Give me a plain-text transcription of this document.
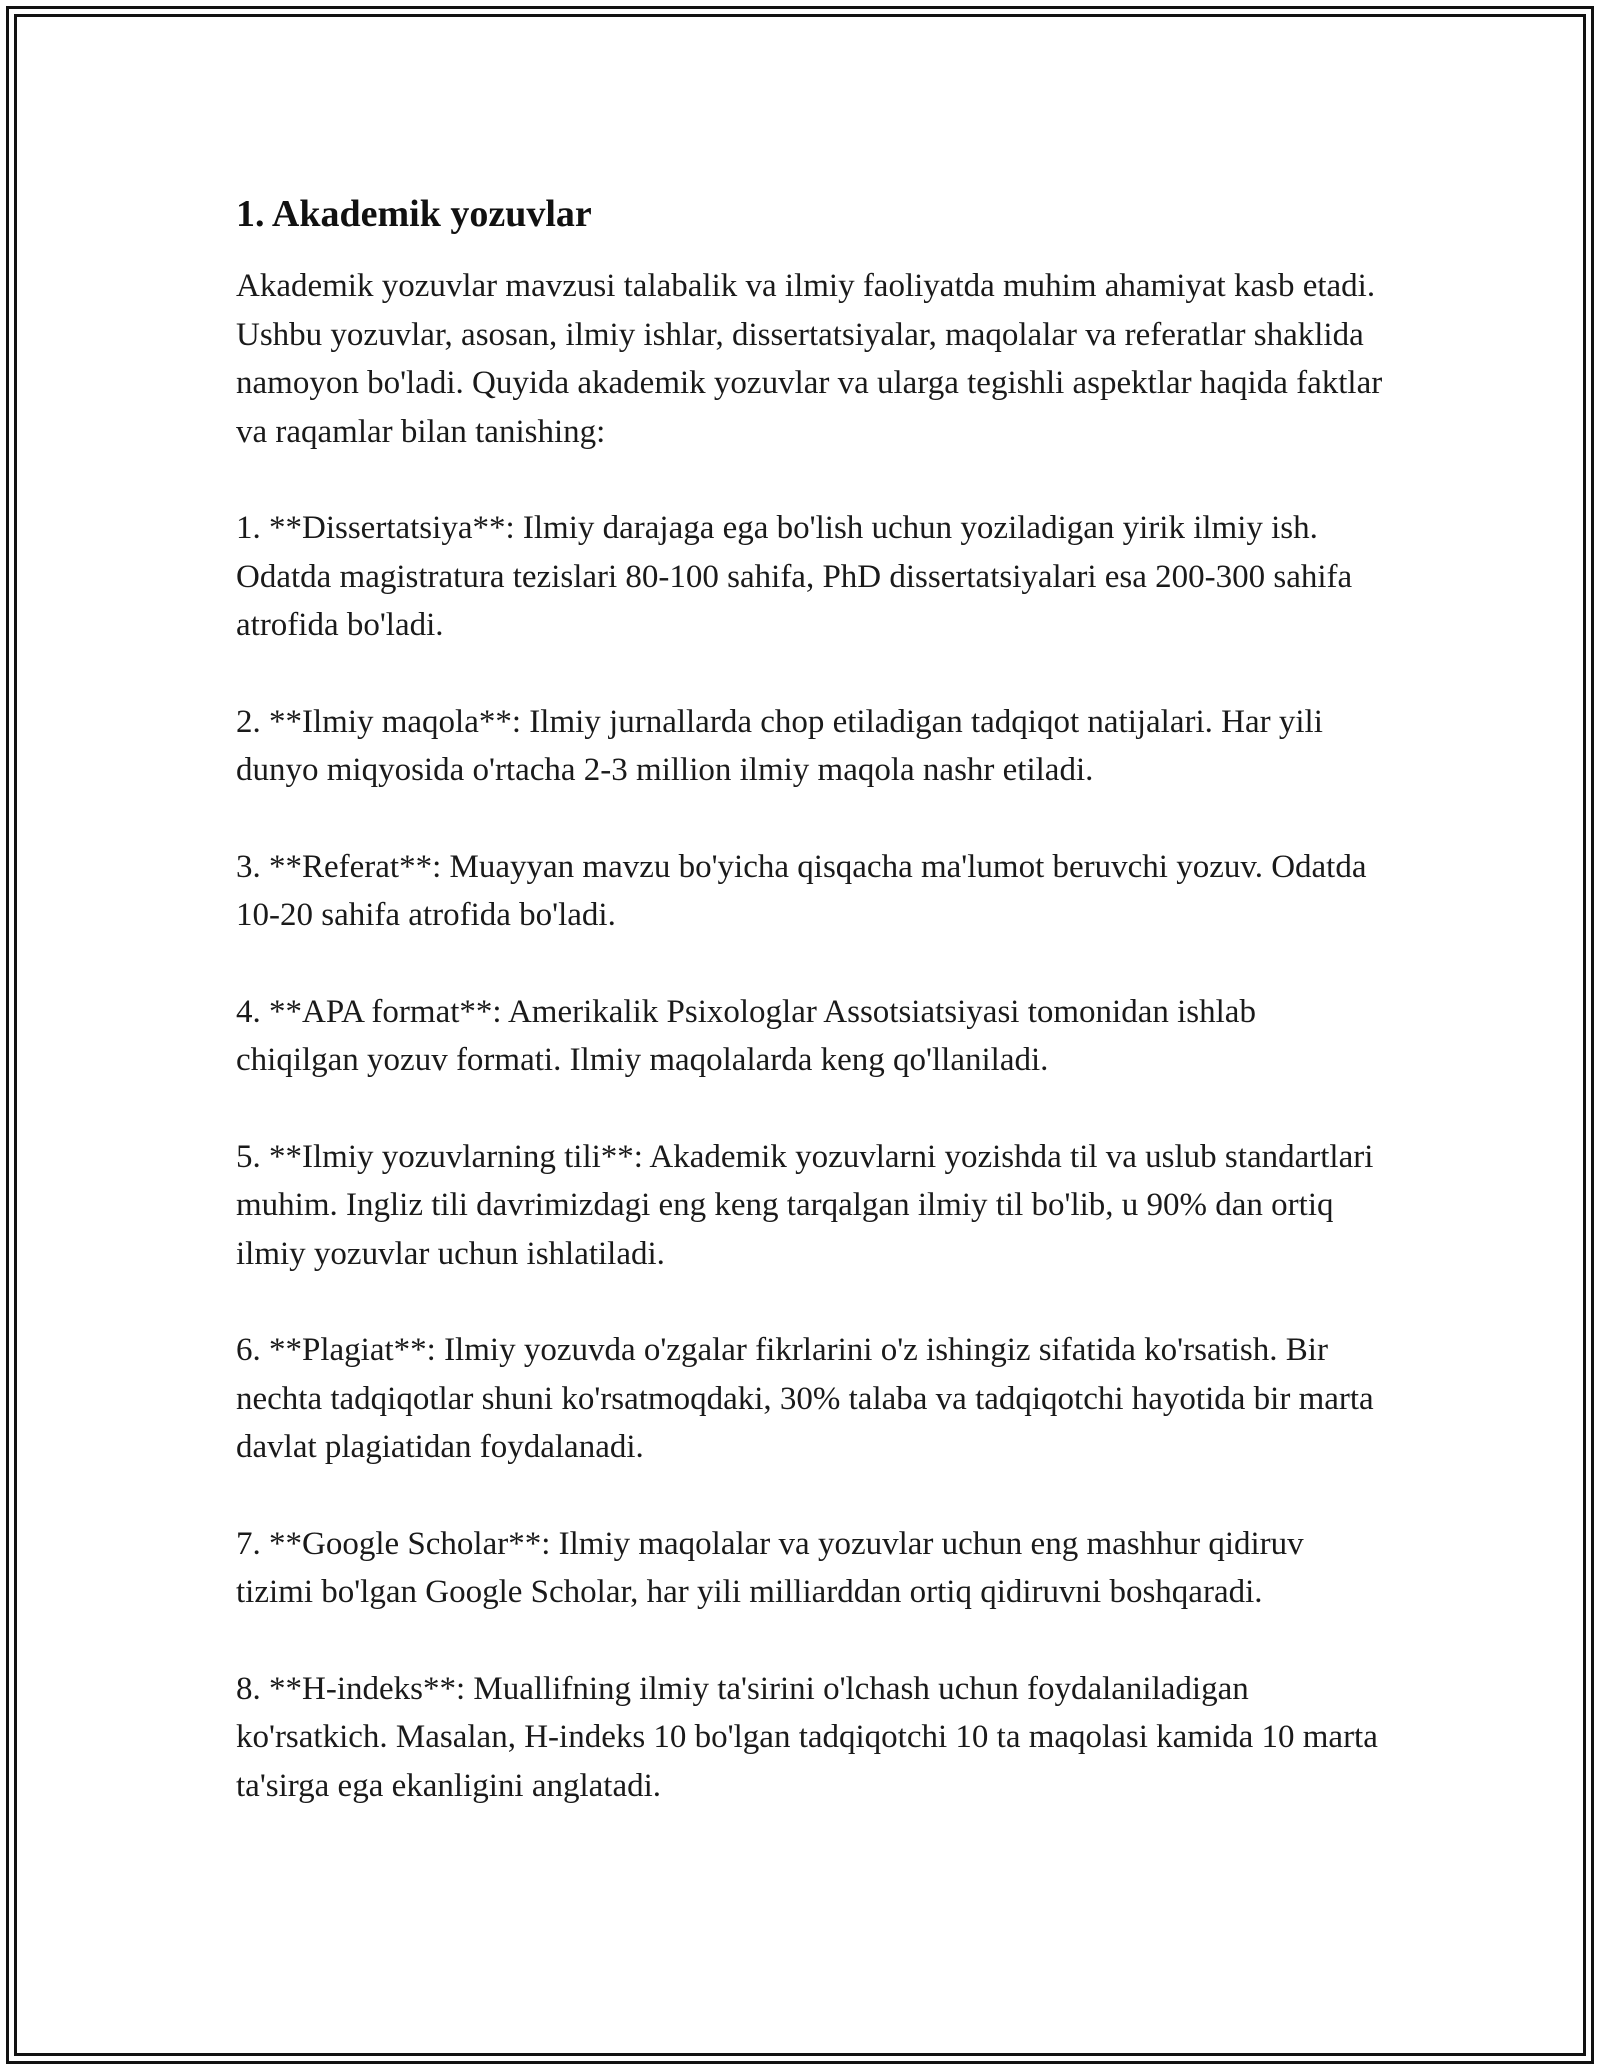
1. Akademik yozuvlar

Akademik yozuvlar mavzusi talabalik va ilmiy faoliyatda muhim ahamiyat kasb etadi. Ushbu yozuvlar, asosan, ilmiy ishlar, dissertatsiyalar, maqolalar va referatlar shaklida namoyon bo'ladi. Quyida akademik yozuvlar va ularga tegishli aspektlar haqida faktlar va raqamlar bilan tanishing:

1. **Dissertatsiya**: Ilmiy darajaga ega bo'lish uchun yoziladigan yirik ilmiy ish. Odatda magistratura tezislari 80-100 sahifa, PhD dissertatsiyalari esa 200-300 sahifa atrofida bo'ladi.

2. **Ilmiy maqola**: Ilmiy jurnallarda chop etiladigan tadqiqot natijalari. Har yili dunyo miqyosida o'rtacha 2-3 million ilmiy maqola nashr etiladi.

3. **Referat**: Muayyan mavzu bo'yicha qisqacha ma'lumot beruvchi yozuv. Odatda 10-20 sahifa atrofida bo'ladi.

4. **APA format**: Amerikalik Psixologlar Assotsiatsiyasi tomonidan ishlab chiqilgan yozuv formati. Ilmiy maqolalarda keng qo'llaniladi.

5. **Ilmiy yozuvlarning tili**: Akademik yozuvlarni yozishda til va uslub standartlari muhim. Ingliz tili davrimizdagi eng keng tarqalgan ilmiy til bo'lib, u 90% dan ortiq ilmiy yozuvlar uchun ishlatiladi.

6. **Plagiat**: Ilmiy yozuvda o'zgalar fikrlarini o'z ishingiz sifatida ko'rsatish. Bir nechta tadqiqotlar shuni ko'rsatmoqdaki, 30% talaba va tadqiqotchi hayotida bir marta davlat plagiatidan foydalanadi.

7. **Google Scholar**: Ilmiy maqolalar va yozuvlar uchun eng mashhur qidiruv tizimi bo'lgan Google Scholar, har yili milliarddan ortiq qidiruvni boshqaradi.

8. **H-indeks**: Muallifning ilmiy ta'sirini o'lchash uchun foydalaniladigan ko'rsatkich. Masalan, H-indeks 10 bo'lgan tadqiqotchi 10 ta maqolasi kamida 10 marta ta'sirga ega ekanligini anglatadi.
